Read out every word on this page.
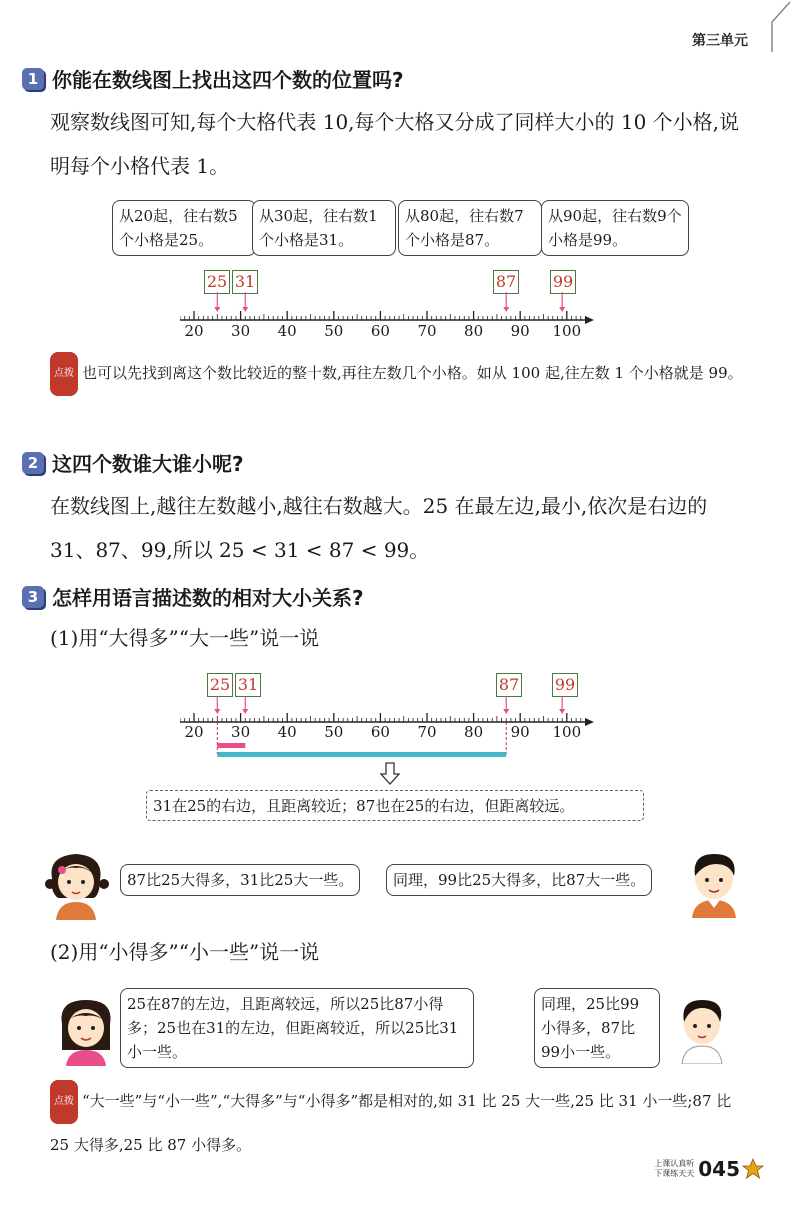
第三单元
1 你能在数线图上找出这四个数的位置吗?
观察数线图可知,每个大格代表 10,每个大格又分成了同样大小的 10 个小格,说明每个小格代表 1。
从20起，往右数5个小格是25。
从30起，往右数1个小格是31。
从80起，往右数7个小格是87。
从90起，往右数9个小格是99。
25 31	87 99
20 30 40 50 60 70 80 90 100
点拨 也可以先找到离这个数比较近的整十数,再往左数几个小格。如从 100 起,往左数 1 个小格就是 99。
2 这四个数谁大谁小呢?
在数线图上,越往左数越小,越往右数越大。25 在最左边,最小,依次是右边的 31、87、99,所以 25 < 31 < 87 < 99。
3 怎样用语言描述数的相对大小关系?
(1)用“大得多”“大一些”说一说
25 31	87 99
20 30 40 50 60 70 80 90 100
31在25的右边，且距离较近；87也在25的右边，但距离较远。
87比25大得多，31比25大一些。	同理，99比25大得多，比87大一些。
(2)用“小得多”“小一些”说一说
25在87的左边，且距离较远，所以25比87小得多；25也在31的左边，但距离较近，所以25比31小一些。
同理，25比99小得多，87比99小一些。
点拨 “大一些”与“小一些”,“大得多”与“小得多”都是相对的,如 31 比 25 大一些,25 比 31 小一些;87 比 25 大得多,25 比 87 小得多。
上课认真听
下课练天天 045
